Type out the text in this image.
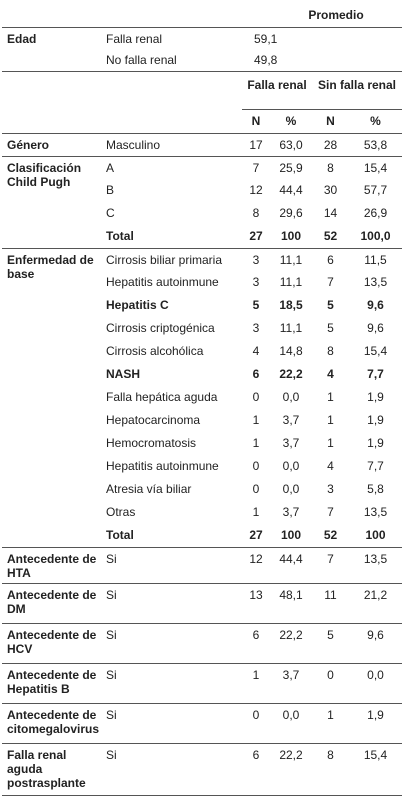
			Promedio		
Edad	Falla renal	59,1			
	No falla renal	49,8			
		Falla renal		Sin falla renal	
		N	%	N	%
Género	Masculino	17	63,0	28	53,8
Clasificación Child Pugh	A	7	25,9	8	15,4
	B	12	44,4	30	57,7
	C	8	29,6	14	26,9
	Total	27	100	52	100,0
Enfermedad de base	Cirrosis biliar primaria	3	11,1	6	11,5
	Hepatitis autoinmune	3	11,1	7	13,5
	Hepatitis C	5	18,5	5	9,6
	Cirrosis criptogénica	3	11,1	5	9,6
	Cirrosis alcohólica	4	14,8	8	15,4
	NASH	6	22,2	4	7,7
	Falla hepática aguda	0	0,0	1	1,9
	Hepatocarcinoma	1	3,7	1	1,9
	Hemocromatosis	1	3,7	1	1,9
	Hepatitis autoinmune	0	0,0	4	7,7
	Atresia vía biliar	0	0,0	3	5,8
	Otras	1	3,7	7	13,5
	Total	27	100	52	100
Antecedente de HTA	Si	12	44,4	7	13,5
Antecedente de DM	Si	13	48,1	11	21,2
Antecedente de HCV	Si	6	22,2	5	9,6
Antecedente de Hepatitis B	Si	1	3,7	0	0,0
Antecedente de citomegalovirus	Si	0	0,0	1	1,9
Falla renal aguda postrasplante	Si	6	22,2	8	15,4
